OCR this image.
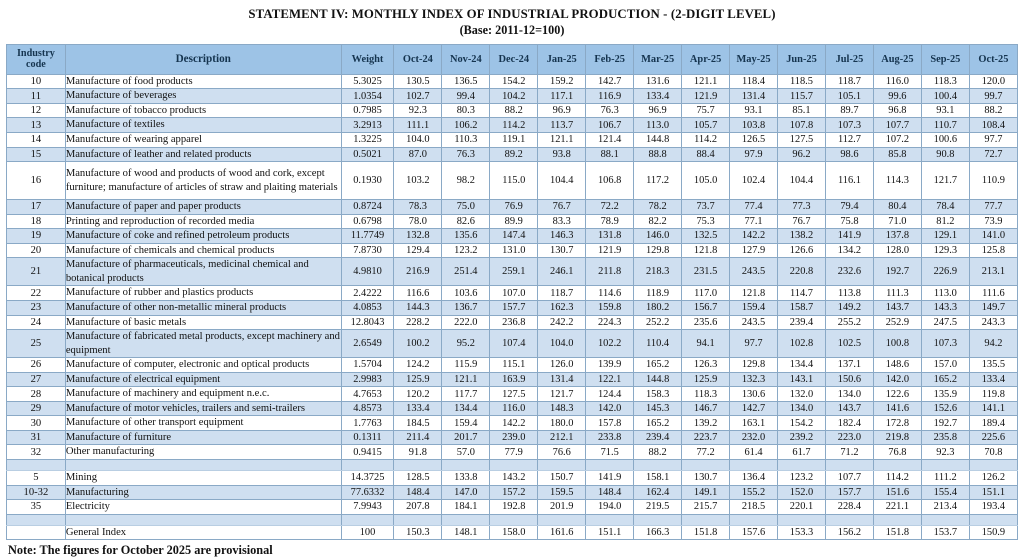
STATEMENT IV: MONTHLY INDEX OF INDUSTRIAL PRODUCTION - (2-DIGIT LEVEL)
(Base: 2011-12=100)
Industry
code	Description	Weight	Oct-24	Nov-24	Dec-24	Jan-25	Feb-25	Mar-25	Apr-25	May-25	Jun-25	Jul-25	Aug-25	Sep-25	Oct-25
10	Manufacture of food products	5.3025	130.5	136.5	154.2	159.2	142.7	131.6	121.1	118.4	118.5	118.7	116.0	118.3	120.0
11	Manufacture of beverages	1.0354	102.7	99.4	104.2	117.1	116.9	133.4	121.9	131.4	115.7	105.1	99.6	100.4	99.7
12	Manufacture of tobacco products	0.7985	92.3	80.3	88.2	96.9	76.3	96.9	75.7	93.1	85.1	89.7	96.8	93.1	88.2
13	Manufacture of textiles	3.2913	111.1	106.2	114.2	113.7	106.7	113.0	105.7	103.8	107.8	107.3	107.7	110.7	108.4
14	Manufacture of wearing apparel	1.3225	104.0	110.3	119.1	121.1	121.4	144.8	114.2	126.5	127.5	112.7	107.2	100.6	97.7
15	Manufacture of leather and related products	0.5021	87.0	76.3	89.2	93.8	88.1	88.8	88.4	97.9	96.2	98.6	85.8	90.8	72.7
16	Manufacture of wood and products of wood and cork, except furniture; manufacture of articles of straw and plaiting materials	0.1930	103.2	98.2	115.0	104.4	106.8	117.2	105.0	102.4	104.4	116.1	114.3	121.7	110.9
17	Manufacture of paper and paper products	0.8724	78.3	75.0	76.9	76.7	72.2	78.2	73.7	77.4	77.3	79.4	80.4	78.4	77.7
18	Printing and reproduction of recorded media	0.6798	78.0	82.6	89.9	83.3	78.9	82.2	75.3	77.1	76.7	75.8	71.0	81.2	73.9
19	Manufacture of coke and refined petroleum products	11.7749	132.8	135.6	147.4	146.3	131.8	146.0	132.5	142.2	138.2	141.9	137.8	129.1	141.0
20	Manufacture of chemicals and chemical products	7.8730	129.4	123.2	131.0	130.7	121.9	129.8	121.8	127.9	126.6	134.2	128.0	129.3	125.8
21	Manufacture of pharmaceuticals, medicinal chemical and botanical products	4.9810	216.9	251.4	259.1	246.1	211.8	218.3	231.5	243.5	220.8	232.6	192.7	226.9	213.1
22	Manufacture of rubber and plastics products	2.4222	116.6	103.6	107.0	118.7	114.6	118.9	117.0	121.8	114.7	113.8	111.3	113.0	111.6
23	Manufacture of other non-metallic mineral products	4.0853	144.3	136.7	157.7	162.3	159.8	180.2	156.7	159.4	158.7	149.2	143.7	143.3	149.7
24	Manufacture of basic metals	12.8043	228.2	222.0	236.8	242.2	224.3	252.2	235.6	243.5	239.4	255.2	252.9	247.5	243.3
25	Manufacture of fabricated metal products, except machinery and equipment	2.6549	100.2	95.2	107.4	104.0	102.2	110.4	94.1	97.7	102.8	102.5	100.8	107.3	94.2
26	Manufacture of computer, electronic and optical products	1.5704	124.2	115.9	115.1	126.0	139.9	165.2	126.3	129.8	134.4	137.1	148.6	157.0	135.5
27	Manufacture of electrical equipment	2.9983	125.9	121.1	163.9	131.4	122.1	144.8	125.9	132.3	143.1	150.6	142.0	165.2	133.4
28	Manufacture of machinery and equipment n.e.c.	4.7653	120.2	117.7	127.5	121.7	124.4	158.3	118.3	130.6	132.0	134.0	122.6	135.9	119.8
29	Manufacture of motor vehicles, trailers and semi-trailers	4.8573	133.4	134.4	116.0	148.3	142.0	145.3	146.7	142.7	134.0	143.7	141.6	152.6	141.1
30	Manufacture of other transport equipment	1.7763	184.5	159.4	142.2	180.0	157.8	165.2	139.2	163.1	154.2	182.4	172.8	192.7	189.4
31	Manufacture of furniture	0.1311	211.4	201.7	239.0	212.1	233.8	239.4	223.7	232.0	239.2	223.0	219.8	235.8	225.6
32	Other manufacturing	0.9415	91.8	57.0	77.9	76.6	71.5	88.2	77.2	61.4	61.7	71.2	76.8	92.3	70.8

5	Mining	14.3725	128.5	133.8	143.2	150.7	141.9	158.1	130.7	136.4	123.2	107.7	114.2	111.2	126.2
10-32	Manufacturing	77.6332	148.4	147.0	157.2	159.5	148.4	162.4	149.1	155.2	152.0	157.7	151.6	155.4	151.1
35	Electricity	7.9943	207.8	184.1	192.8	201.9	194.0	219.5	215.7	218.5	220.1	228.4	221.1	213.4	193.4

	General Index	100	150.3	148.1	158.0	161.6	151.1	166.3	151.8	157.6	153.3	156.2	151.8	153.7	150.9
Note: The figures for October 2025 are provisional
